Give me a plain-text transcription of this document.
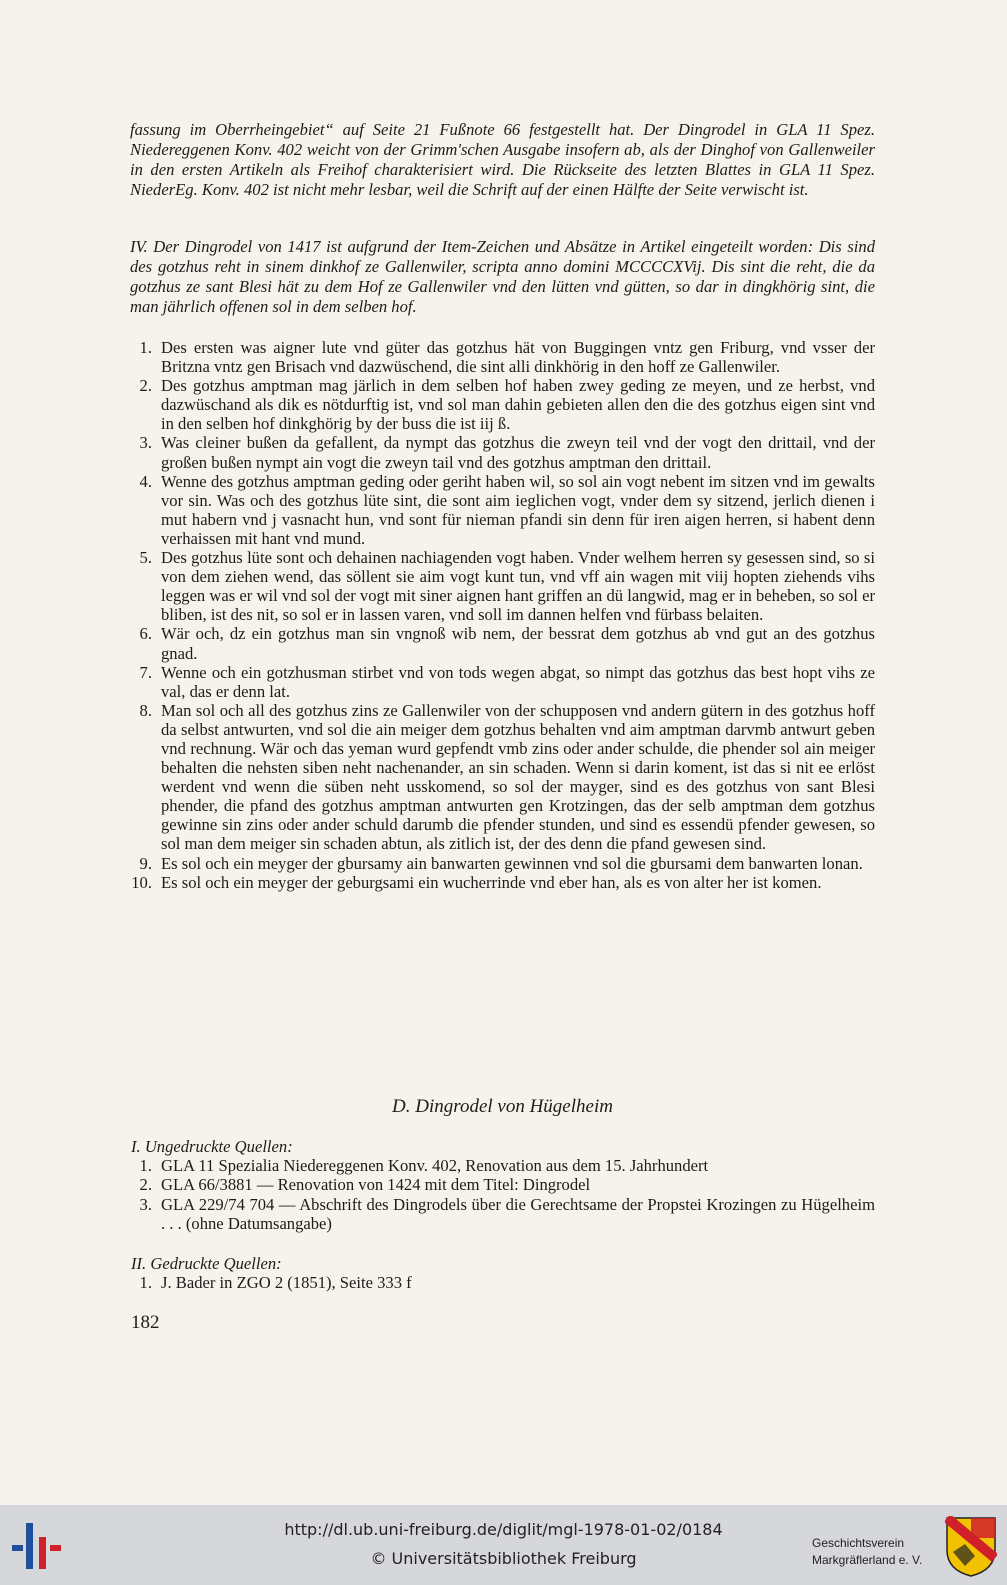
fassung im Oberrheingebiet“ auf Seite 21 Fußnote 66 festgestellt hat. Der Dingrodel in GLA 11 Spez. Niedereggenen Konv. 402 weicht von der Grimm'schen Ausgabe insofern ab, als der Dinghof von Gallenweiler in den ersten Artikeln als Freihof charakterisiert wird. Die Rückseite des letzten Blattes in GLA 11 Spez. NiederEg. Konv. 402 ist nicht mehr lesbar, weil die Schrift auf der einen Hälfte der Seite verwischt ist.

IV. Der Dingrodel von 1417 ist aufgrund der Item-Zeichen und Absätze in Artikel eingeteilt worden: Dis sind des gotzhus reht in sinem dinkhof ze Gallenwiler, scripta anno domini MCCCCXVij. Dis sint die reht, die da gotzhus ze sant Blesi hät zu dem Hof ze Gallenwiler vnd den lütten vnd gütten, so dar in dingkhörig sint, die man jährlich offenen sol in dem selben hof.

1. Des ersten was aigner lute vnd güter das gotzhus hät von Buggingen vntz gen Friburg, vnd vsser der Britzna vntz gen Brisach vnd dazwüschend, die sint alli dinkhörig in den hoff ze Gallenwiler.
2. Des gotzhus amptman mag järlich in dem selben hof haben zwey geding ze meyen, und ze herbst, vnd dazwüschand als dik es nötdurftig ist, vnd sol man dahin gebieten allen den die des gotzhus eigen sint vnd in den selben hof dinkghörig by der buss die ist iij ß.
3. Was cleiner bußen da gefallent, da nympt das gotzhus die zweyn teil vnd der vogt den drittail, vnd der großen bußen nympt ain vogt die zweyn tail vnd des gotzhus amptman den drittail.
4. Wenne des gotzhus amptman geding oder geriht haben wil, so sol ain vogt nebent im sitzen vnd im gewalts vor sin. Was och des gotzhus lüte sint, die sont aim ieglichen vogt, vnder dem sy sitzend, jerlich dienen i mut habern vnd j vasnacht hun, vnd sont für nieman pfandi sin denn für iren aigen herren, si habent denn verhaissen mit hant vnd mund.
5. Des gotzhus lüte sont och dehainen nachiagenden vogt haben. Vnder welhem herren sy gesessen sind, so si von dem ziehen wend, das söllent sie aim vogt kunt tun, vnd vff ain wagen mit viij hopten ziehends vihs leggen was er wil vnd sol der vogt mit siner aignen hant griffen an dü langwid, mag er in beheben, so sol er bliben, ist des nit, so sol er in lassen varen, vnd soll im dannen helfen vnd fürbass belaiten.
6. Wär och, dz ein gotzhus man sin vngnoß wib nem, der bessrat dem gotzhus ab vnd gut an des gotzhus gnad.
7. Wenne och ein gotzhusman stirbet vnd von tods wegen abgat, so nimpt das gotzhus das best hopt vihs ze val, das er denn lat.
8. Man sol och all des gotzhus zins ze Gallenwiler von der schupposen vnd andern gütern in des gotzhus hoff da selbst antwurten, vnd sol die ain meiger dem gotzhus behalten vnd aim amptman darvmb antwurt geben vnd rechnung. Wär och das yeman wurd gepfendt vmb zins oder ander schulde, die phender sol ain meiger behalten die nehsten siben neht nachenander, an sin schaden. Wenn si darin koment, ist das si nit ee erlöst werdent vnd wenn die süben neht usskomend, so sol der mayger, sind es des gotzhus von sant Blesi phender, die pfand des gotzhus amptman antwurten gen Krotzingen, das der selb amptman dem gotzhus gewinne sin zins oder ander schuld darumb die pfender stunden, und sind es essendü pfender gewesen, so sol man dem meiger sin schaden abtun, als zitlich ist, der des denn die pfand gewesen sind.
9. Es sol och ein meyger der gbursamy ain banwarten gewinnen vnd sol die gbursami dem banwarten lonan.
10. Es sol och ein meyger der geburgsami ein wucherrinde vnd eber han, als es von alter her ist komen.
D. Dingrodel von Hügelheim
I. Ungedruckte Quellen:
1. GLA 11 Spezialia Niedereggenen Konv. 402, Renovation aus dem 15. Jahrhundert
2. GLA 66/3881 — Renovation von 1424 mit dem Titel: Dingrodel
3. GLA 229/74 704 — Abschrift des Dingrodels über die Gerechtsame der Propstei Krozingen zu Hügelheim . . . (ohne Datumsangabe)
II. Gedruckte Quellen:
1. J. Bader in ZGO 2 (1851), Seite 333 f
182
http://dl.ub.uni-freiburg.de/diglit/mgl-1978-01-02/0184
© Universitätsbibliothek Freiburg
Geschichtsverein
Markgräflerland e. V.
